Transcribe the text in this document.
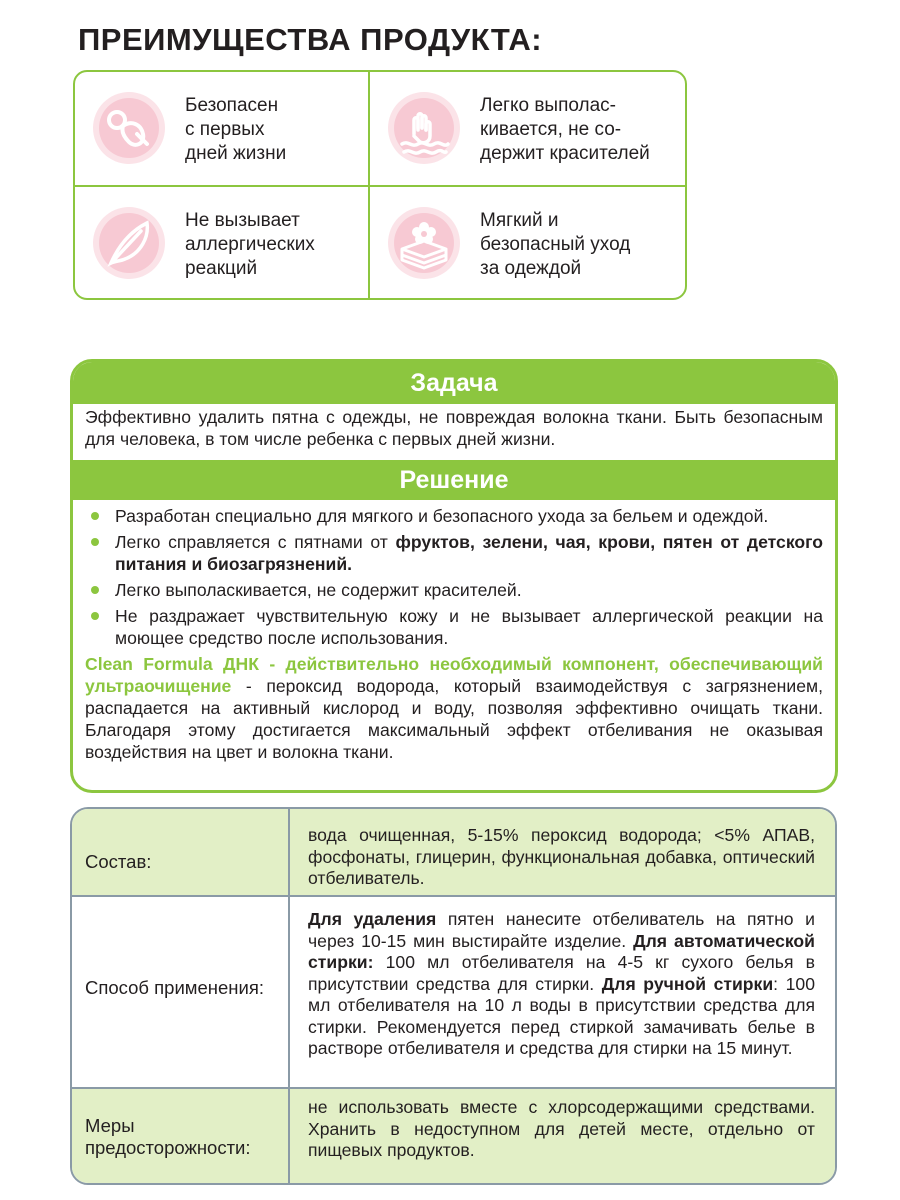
ПРЕИМУЩЕСТВА ПРОДУКТА:
Безопасен
с первых
дней жизни
Легко выполас-
кивается, не со-
держит красителей
Не вызывает
аллергических
реакций
Мягкий и
безопасный уход
за одеждой
Задача
Эффективно удалить пятна с одежды, не повреждая волокна ткани. Быть безопасным для человека, в том числе ребенка с первых дней жизни.
Решение
Разработан специально для мягкого и безопасного ухода за бельем и одеждой.
Легко справляется с пятнами от фруктов, зелени, чая, крови, пятен от детского питания и биозагрязнений.
Легко выполаскивается, не содержит красителей.
Не раздражает чувствительную кожу и не вызывает аллергической реакции на моющее средство после использования.
Clean Formula ДНК - действительно необходимый компонент, обеспечивающий ультраочищение - пероксид водорода, который взаимодействуя с загрязнением, распадается на активный кислород и воду, позволяя эффективно очищать ткани. Благодаря этому достигается максимальный эффект отбеливания не оказывая воздействия на цвет и волокна ткани.
Состав:
вода очищенная, 5-15% пероксид водорода; <5% АПАВ, фосфонаты, глицерин, функциональная добавка, оптический отбеливатель.
Способ применения:
Для удаления пятен нанесите отбеливатель на пятно и через 10-15 мин выстирайте изделие. Для автоматической стирки: 100 мл отбеливателя на 4-5 кг сухого белья в присутствии средства для стирки. Для ручной стирки: 100 мл отбеливателя на 10 л воды в присутствии средства для стирки. Рекомендуется перед стиркой замачивать белье в растворе отбеливателя и средства для стирки на 15 минут.
Меры предосторожности:
не использовать вместе с хлорсодержащими средствами. Хранить в недоступном для детей месте, отдельно от пищевых продуктов.
